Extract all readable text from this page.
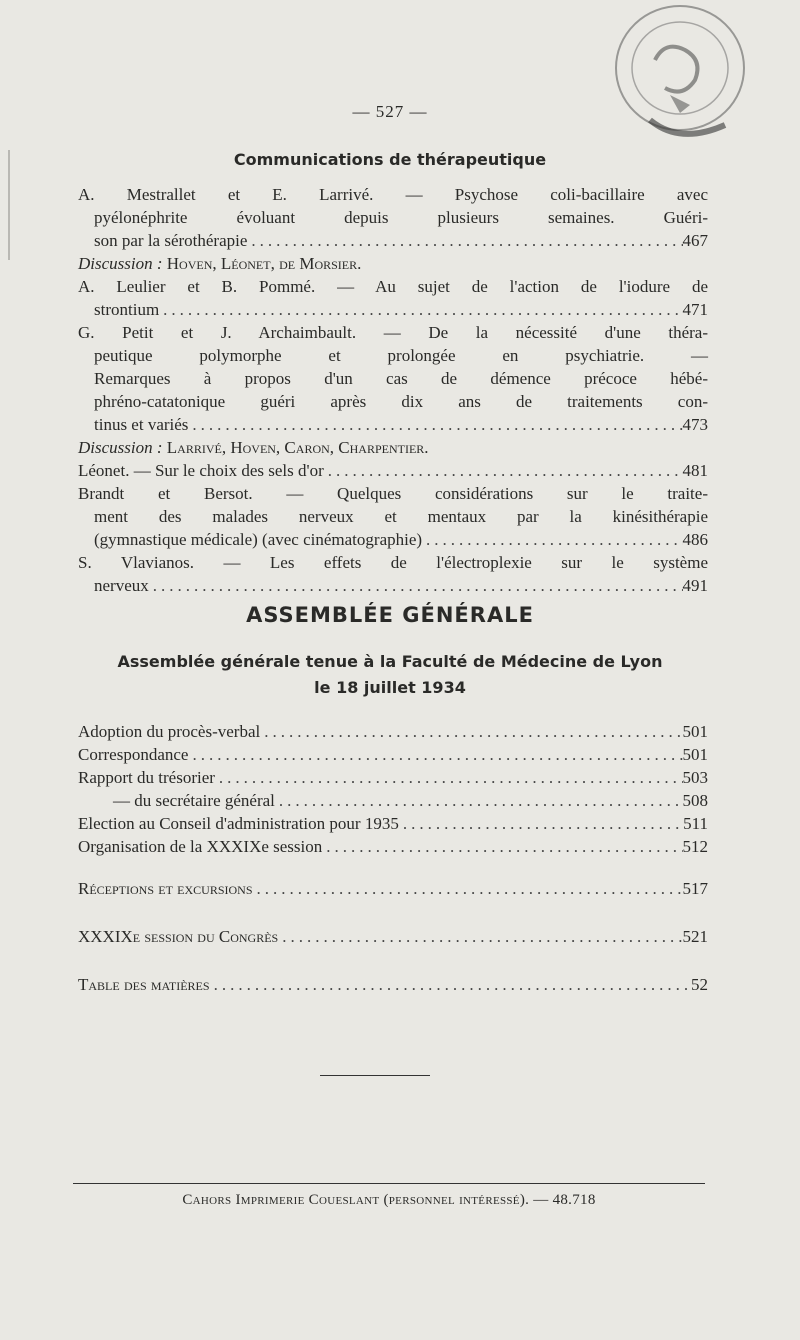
— 527 —
Communications de thérapeutique
A. Mestrallet et E. Larrivé. — Psychose coli-bacillaire avec
pyélonéphrite évoluant depuis plusieurs semaines. Guéri-
son par la sérothérapie .....	467
Discussion : Hoven, Léonet, de Morsier.
A. Leulier et B. Pommé. — Au sujet de l'action de l'iodure de
strontium .....	471
G. Petit et J. Archaimbault. — De la nécessité d'une théra-
peutique polymorphe et prolongée en psychiatrie. —
Remarques à propos d'un cas de démence précoce hébé-
phréno-catatonique guéri après dix ans de traitements con-
tinus et variés .....	473
Discussion : Larrivé, Hoven, Caron, Charpentier.
Léonet. — Sur le choix des sels d'or .....	481
Brandt et Bersot. — Quelques considérations sur le traite-
ment des malades nerveux et mentaux par la kinésithérapie
(gymnastique médicale) (avec cinématographie) .....	486
S. Vlavianos. — Les effets de l'électroplexie sur le système
nerveux .....	491
ASSEMBLÉE GÉNÉRALE
Assemblée générale tenue à la Faculté de Médecine de Lyon
le 18 juillet 1934
Adoption du procès-verbal .....	501
Correspondance .....	501
Rapport du trésorier .....	503
— du secrétaire général .....	508
Election au Conseil d'administration pour 1935 .....	511
Organisation de la XXXIXe session .....	512
Réceptions et excursions .....	517
XXXIXe session du Congrès .....	521
Table des matières .....	52
Cahors Imprimerie Coueslant (personnel intéressé). — 48.718
